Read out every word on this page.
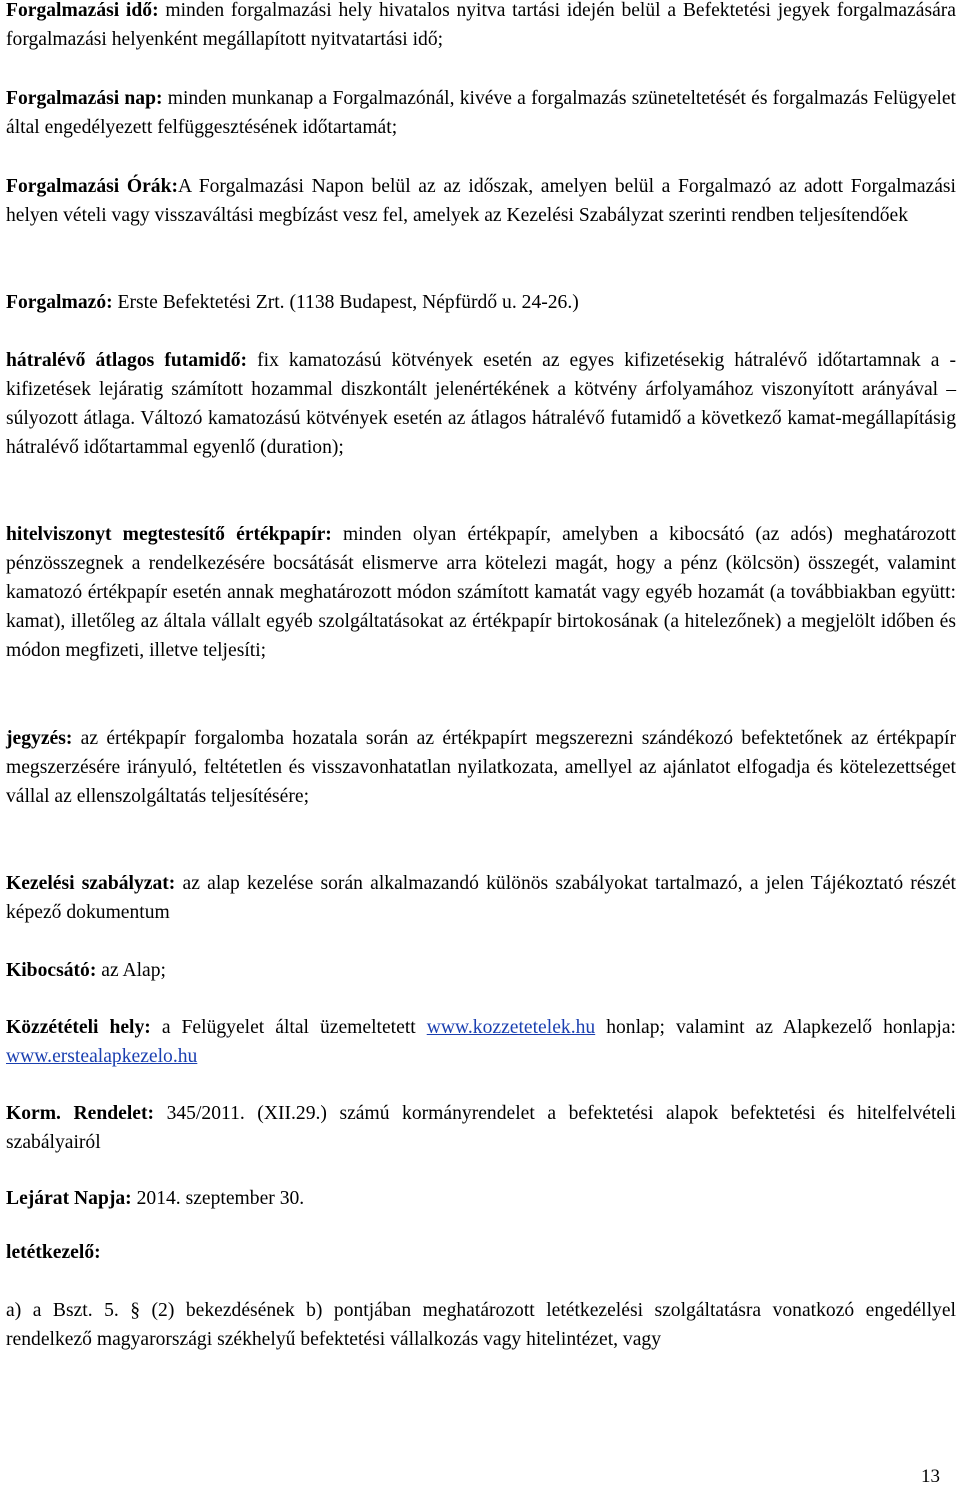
Forgalmazási idő: minden forgalmazási hely hivatalos nyitva tartási idején belül a Befektetési jegyek forgalmazására forgalmazási helyenként megállapított nyitvatartási idő;

Forgalmazási nap: minden munkanap a Forgalmazónál, kivéve a forgalmazás szüneteltetését és forgalmazás Felügyelet által engedélyezett felfüggesztésének időtartamát;

Forgalmazási Órák:A Forgalmazási Napon belül az az időszak, amelyen belül a Forgalmazó az adott Forgalmazási helyen vételi vagy visszaváltási megbízást vesz fel, amelyek az Kezelési Szabályzat szerinti rendben teljesítendőek

Forgalmazó: Erste Befektetési Zrt. (1138 Budapest, Népfürdő u. 24-26.)

hátralévő átlagos futamidő: fix kamatozású kötvények esetén az egyes kifizetésekig hátralévő időtartamnak a - kifizetések lejáratig számított hozammal diszkontált jelenértékének a kötvény árfolyamához viszonyított arányával – súlyozott átlaga. Változó kamatozású kötvények esetén az átlagos hátralévő futamidő a következő kamat-megállapításig hátralévő időtartammal egyenlő (duration);

hitelviszonyt megtestesítő értékpapír: minden olyan értékpapír, amelyben a kibocsátó (az adós) meghatározott pénzösszegnek a rendelkezésére bocsátását elismerve arra kötelezi magát, hogy a pénz (kölcsön) összegét, valamint kamatozó értékpapír esetén annak meghatározott módon számított kamatát vagy egyéb hozamát (a továbbiakban együtt: kamat), illetőleg az általa vállalt egyéb szolgáltatásokat az értékpapír birtokosának (a hitelezőnek) a megjelölt időben és módon megfizeti, illetve teljesíti;

jegyzés: az értékpapír forgalomba hozatala során az értékpapírt megszerezni szándékozó befektetőnek az értékpapír megszerzésére irányuló, feltétetlen és visszavonhatatlan nyilatkozata, amellyel az ajánlatot elfogadja és kötelezettséget vállal az ellenszolgáltatás teljesítésére;

Kezelési szabályzat: az alap kezelése során alkalmazandó különös szabályokat tartalmazó, a jelen Tájékoztató részét képező dokumentum

Kibocsátó: az Alap;

Közzétételi hely: a Felügyelet által üzemeltetett www.kozzetetelek.hu honlap; valamint az Alapkezelő honlapja: www.erstealapkezelo.hu

Korm. Rendelet: 345/2011. (XII.29.) számú kormányrendelet a befektetési alapok befektetési és hitelfelvételi szabályairól

Lejárat Napja: 2014. szeptember 30.

letétkezelő:

a) a Bszt. 5. § (2) bekezdésének b) pontjában meghatározott letétkezelési szolgáltatásra vonatkozó engedéllyel rendelkező magyarországi székhelyű befektetési vállalkozás vagy hitelintézet, vagy

13
